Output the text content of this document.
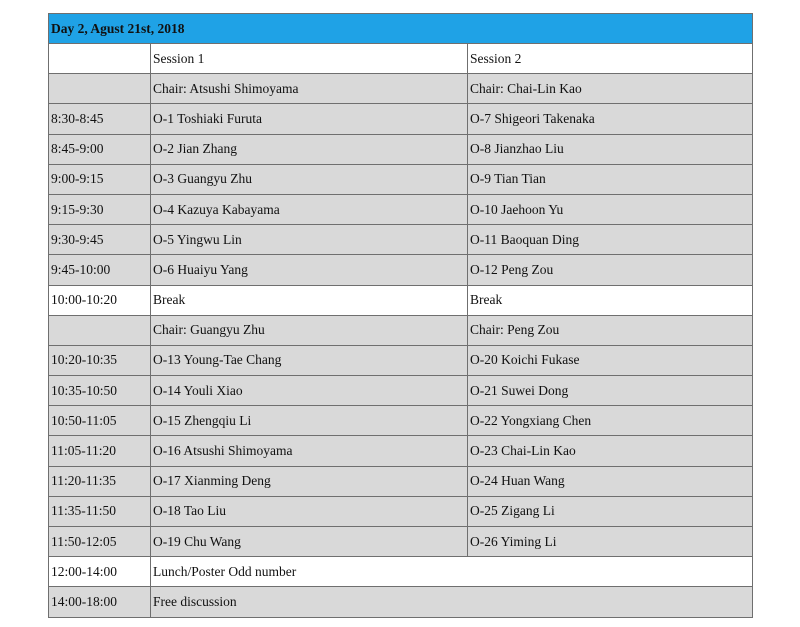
Day 2, Agust 21st, 2018		
	Session 1	Session 2
	Chair: Atsushi Shimoyama	Chair: Chai-Lin Kao
8:30-8:45	O-1 Toshiaki Furuta	O-7 Shigeori Takenaka
8:45-9:00	O-2 Jian Zhang	O-8 Jianzhao Liu
9:00-9:15	O-3 Guangyu Zhu	O-9 Tian Tian
9:15-9:30	O-4 Kazuya Kabayama	O-10 Jaehoon Yu
9:30-9:45	O-5 Yingwu Lin	O-11 Baoquan Ding
9:45-10:00	O-6 Huaiyu Yang	O-12 Peng Zou
10:00-10:20	Break	Break
	Chair: Guangyu Zhu	Chair: Peng Zou
10:20-10:35	O-13 Young-Tae Chang	O-20 Koichi Fukase
10:35-10:50	O-14 Youli Xiao	O-21 Suwei Dong
10:50-11:05	O-15 Zhengqiu Li	O-22 Yongxiang Chen
11:05-11:20	O-16 Atsushi Shimoyama	O-23 Chai-Lin Kao
11:20-11:35	O-17 Xianming Deng	O-24 Huan Wang
11:35-11:50	O-18 Tao Liu	O-25 Zigang Li
11:50-12:05	O-19 Chu Wang	O-26 Yiming Li
12:00-14:00	Lunch/Poster Odd number	
14:00-18:00	Free discussion	
